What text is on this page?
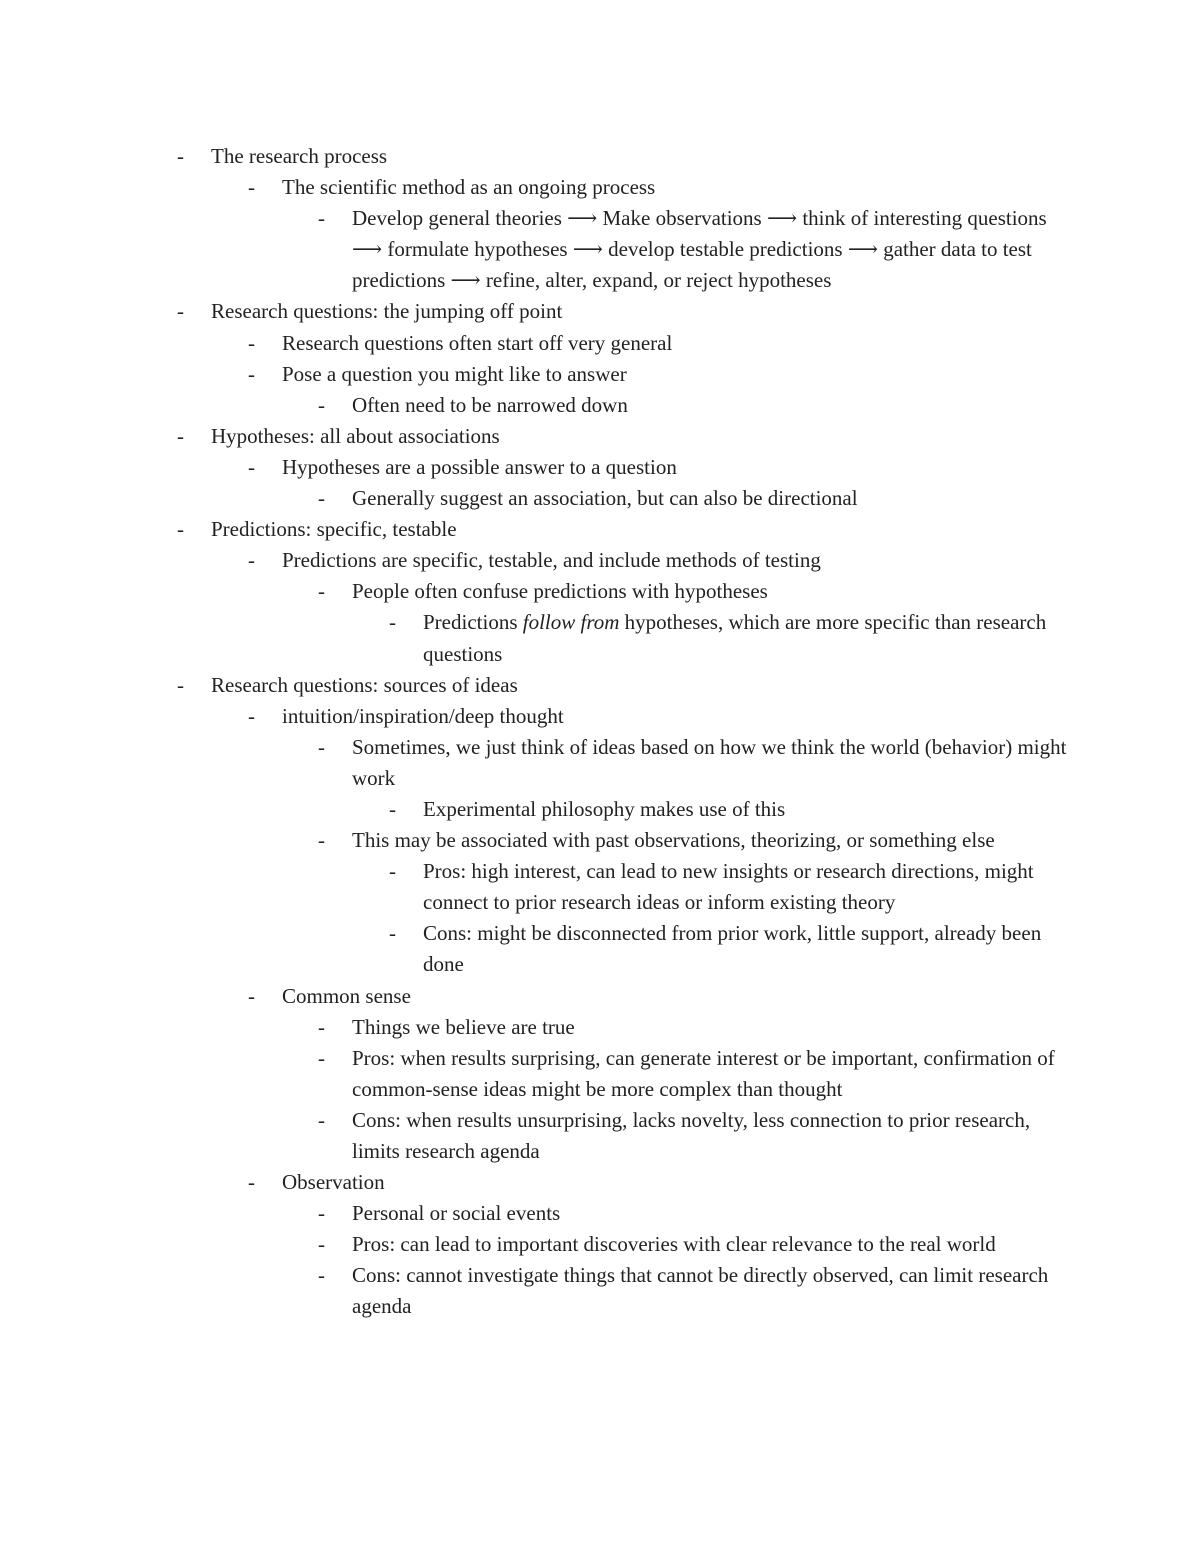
- The research process
- The scientific method as an ongoing process
- Develop general theories ⟶ Make observations ⟶ think of interesting questions ⟶ formulate hypotheses ⟶ develop testable predictions ⟶ gather data to test predictions ⟶ refine, alter, expand, or reject hypotheses
- Research questions: the jumping off point
- Research questions often start off very general
- Pose a question you might like to answer
- Often need to be narrowed down
- Hypotheses: all about associations
- Hypotheses are a possible answer to a question
- Generally suggest an association, but can also be directional
- Predictions: specific, testable
- Predictions are specific, testable, and include methods of testing
- People often confuse predictions with hypotheses
- Predictions follow from hypotheses, which are more specific than research questions
- Research questions: sources of ideas
- intuition/inspiration/deep thought
- Sometimes, we just think of ideas based on how we think the world (behavior) might work
- Experimental philosophy makes use of this
- This may be associated with past observations, theorizing, or something else
- Pros: high interest, can lead to new insights or research directions, might connect to prior research ideas or inform existing theory
- Cons: might be disconnected from prior work, little support, already been done
- Common sense
- Things we believe are true
- Pros: when results surprising, can generate interest or be important, confirmation of common-sense ideas might be more complex than thought
- Cons: when results unsurprising, lacks novelty, less connection to prior research, limits research agenda
- Observation
- Personal or social events
- Pros: can lead to important discoveries with clear relevance to the real world
- Cons: cannot investigate things that cannot be directly observed, can limit research agenda
